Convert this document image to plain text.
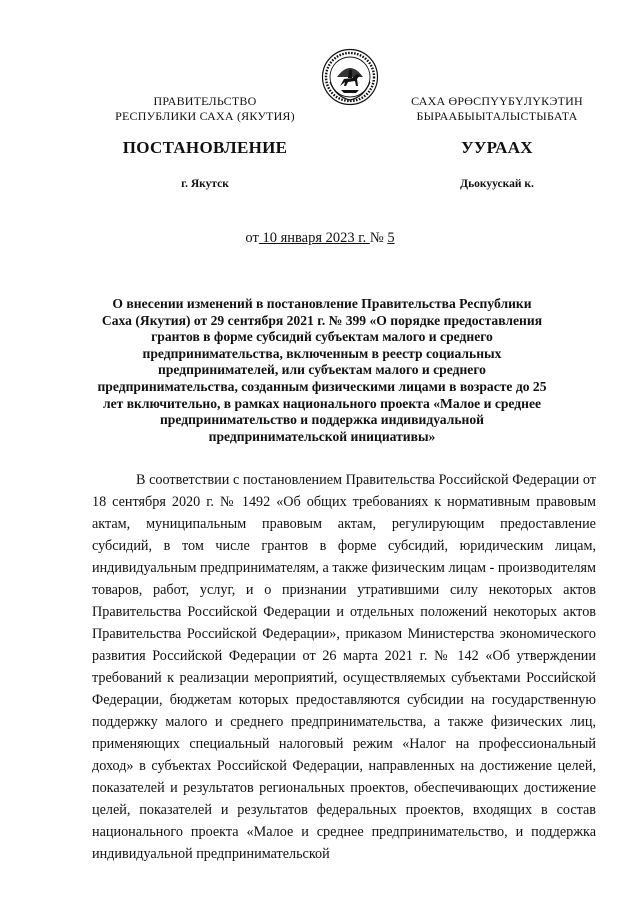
ПРАВИТЕЛЬСТВО
РЕСПУБЛИКИ САХА (ЯКУТИЯ)
САХА ӨРӨСПҮҮБҮЛҮКЭТИН
БЫРААБЫЫТАЛЫСТЫБАТА
ПОСТАНОВЛЕНИЕ	УУРААХ
г. Якутск	Дьокуускай к.
от 10 января 2023 г. № 5

О внесении изменений в постановление Правительства Республики Саха (Якутия) от 29 сентября 2021 г. № 399 «О порядке предоставления грантов в форме субсидий субъектам малого и среднего предпринимательства, включенным в реестр социальных предпринимателей, или субъектам малого и среднего предпринимательства, созданным физическими лицами в возрасте до 25 лет включительно, в рамках национального проекта «Малое и среднее предпринимательство и поддержка индивидуальной предпринимательской инициативы»

В соответствии с постановлением Правительства Российской Федерации от 18 сентября 2020 г. № 1492 «Об общих требованиях к нормативным правовым актам, муниципальным правовым актам, регулирующим предоставление субсидий, в том числе грантов в форме субсидий, юридическим лицам, индивидуальным предпринимателям, а также физическим лицам - производителям товаров, работ, услуг, и о признании утратившими силу некоторых актов Правительства Российской Федерации и отдельных положений некоторых актов Правительства Российской Федерации», приказом Министерства экономического развития Российской Федерации от 26 марта 2021 г. № 142 «Об утверждении требований к реализации мероприятий, осуществляемых субъектами Российской Федерации, бюджетам которых предоставляются субсидии на государственную поддержку малого и среднего предпринимательства, а также физических лиц, применяющих специальный налоговый режим «Налог на профессиональный доход» в субъектах Российской Федерации, направленных на достижение целей, показателей и результатов региональных проектов, обеспечивающих достижение целей, показателей и результатов федеральных проектов, входящих в состав национального проекта «Малое и среднее предпринимательство, и поддержка индивидуальной предпринимательской
